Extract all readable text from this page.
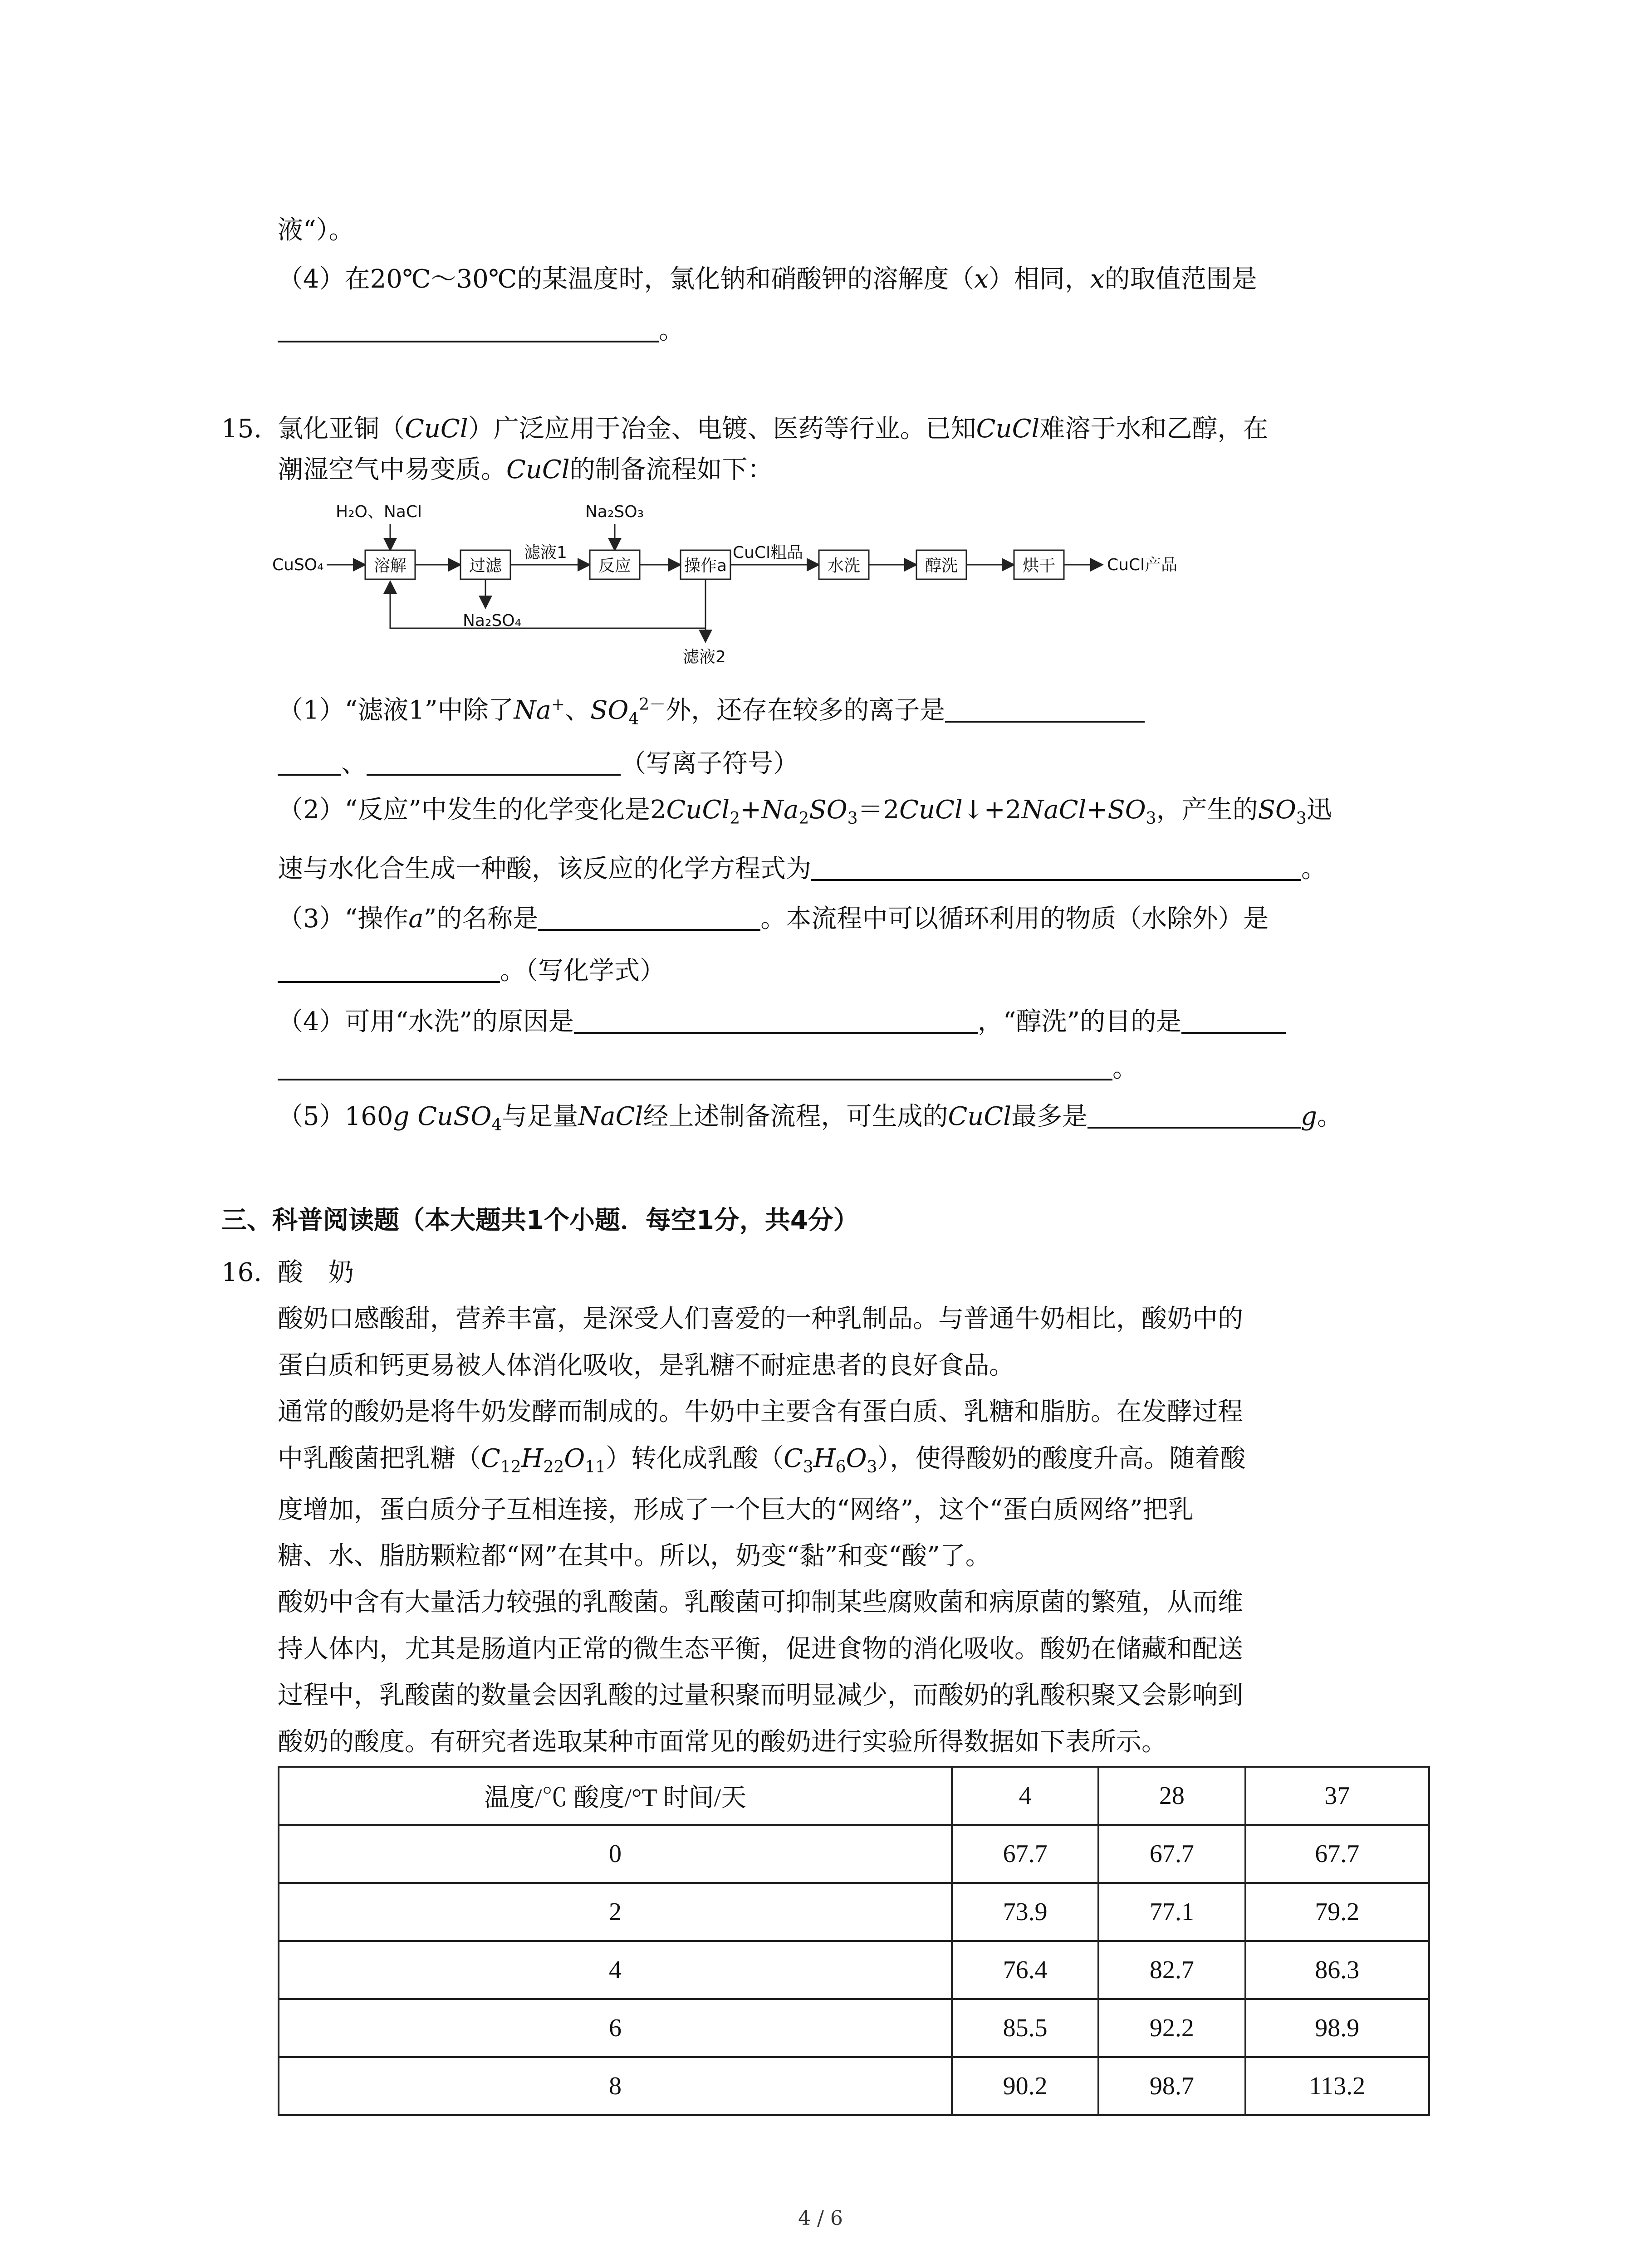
液“）。
（4）在20℃～30℃的某温度时，氯化钠和硝酸钾的溶解度（x）相同，x的取值范围是
。
15. 氯化亚铜（CuCl）广泛应用于冶金、电镀、医药等行业。已知CuCl难溶于水和乙醇，在
潮湿空气中易变质。CuCl的制备流程如下：
H₂O、NaCl	Na₂SO₃
CuSO₄	溶解	过滤
滤液1
反应	操作a
CuCl粗品
水洗	醇洗	烘干	CuCl产品
Na₂SO₄
滤液2
（1）“滤液1”中除了Na+、$SO_4^{2-}$外，还存在较多的离子是
、	（写离子符号）
（2）“反应”中发生的化学变化是$2CuCl_2+Na_2SO_3=2CuCl↓+2NaCl+SO_3$，产生的$SO_3$迅
速与水化合生成一种酸，该反应的化学方程式为	。
（3）“操作a”的名称是	。本流程中可以循环利用的物质（水除外）是
。（写化学式）
（4）可用“水洗”的原因是	，“醇洗”的目的是
。
（5）160g CuSO$_4$与足量NaCl经上述制备流程，可生成的CuCl最多是	g。
三、科普阅读题（本大题共1个小题．每空1分，共4分）
16. 酸　奶
酸奶口感酸甜，营养丰富，是深受人们喜爱的一种乳制品。与普通牛奶相比，酸奶中的
蛋白质和钙更易被人体消化吸收，是乳糖不耐症患者的良好食品。
通常的酸奶是将牛奶发酵而制成的。牛奶中主要含有蛋白质、乳糖和脂肪。在发酵过程
中乳酸菌把乳糖$(C_{12}H_{22}O_{11})$转化成乳酸$(C_3H_6O_3)$，使得酸奶的酸度升高。随着酸
度增加，蛋白质分子互相连接，形成了一个巨大的“网络”，这个“蛋白质网络”把乳
糖、水、脂肪颗粒都“网”在其中。所以，奶变“黏”和变“酸”了。
酸奶中含有大量活力较强的乳酸菌。乳酸菌可抑制某些腐败菌和病原菌的繁殖，从而维
持人体内，尤其是肠道内正常的微生态平衡，促进食物的消化吸收。酸奶在储藏和配送
过程中，乳酸菌的数量会因乳酸的过量积聚而明显减少，而酸奶的乳酸积聚又会影响到
酸奶的酸度。有研究者选取某种市面常见的酸奶进行实验所得数据如下表所示。
温度/℃ 酸度/°T 时间/天	4	28	37
0	67.7	67.7	67.7
2	73.9	77.1	79.2
4	76.4	82.7	86.3
6	85.5	92.2	98.9
8	90.2	98.7	113.2
4 / 6
